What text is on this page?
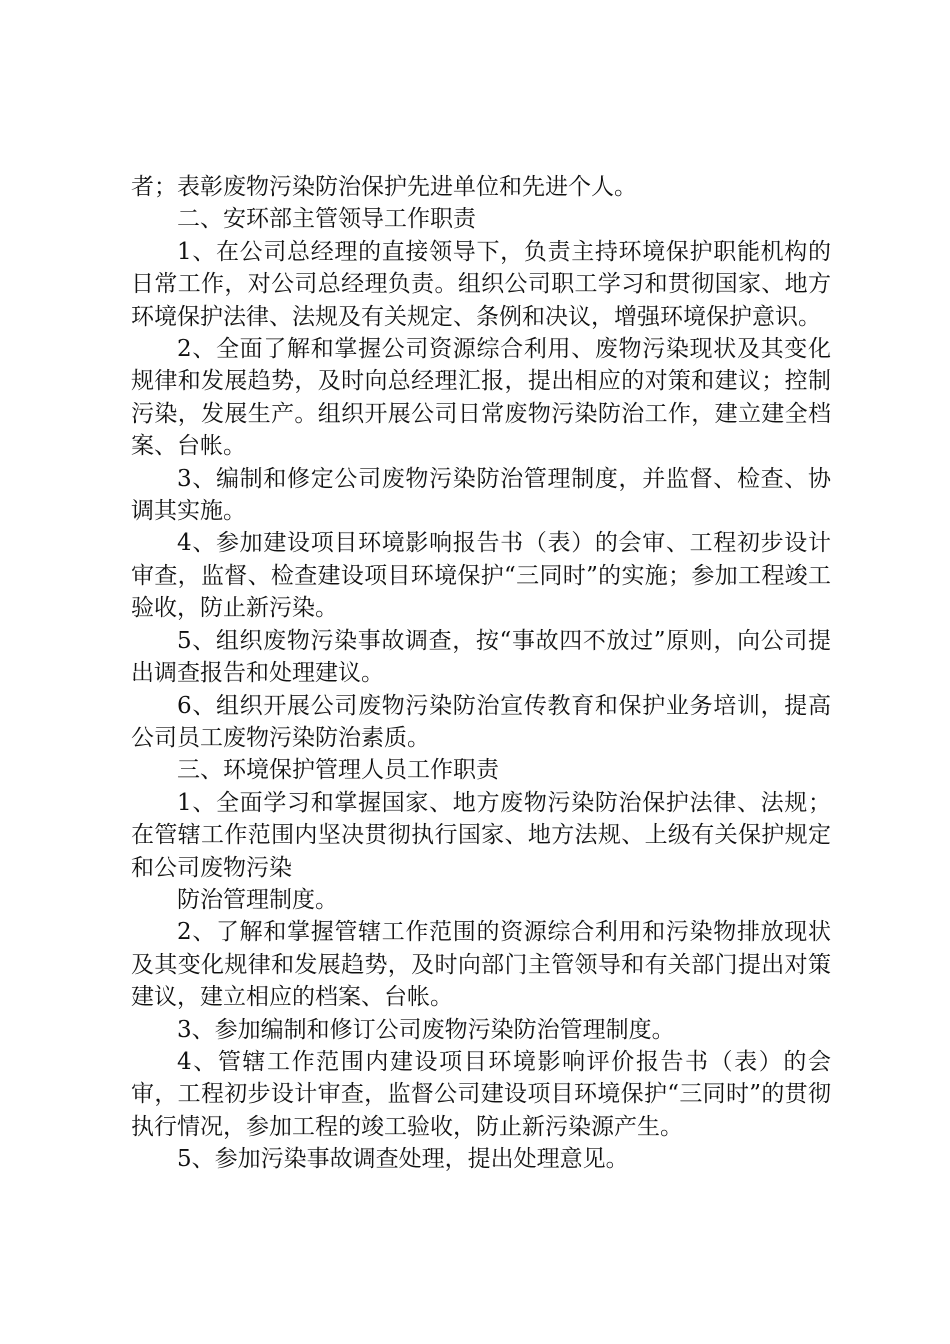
者；表彰废物污染防治保护先进单位和先进个人。

二、安环部主管领导工作职责

1、在公司总经理的直接领导下，负责主持环境保护职能机构的日常工作，对公司总经理负责。组织公司职工学习和贯彻国家、地方环境保护法律、法规及有关规定、条例和决议，增强环境保护意识。

2、全面了解和掌握公司资源综合利用、废物污染现状及其变化规律和发展趋势，及时向总经理汇报，提出相应的对策和建议；控制污染，发展生产。组织开展公司日常废物污染防治工作，建立建全档案、台帐。

3、编制和修定公司废物污染防治管理制度，并监督、检查、协调其实施。

4、参加建设项目环境影响报告书（表）的会审、工程初步设计审查，监督、检查建设项目环境保护“三同时”的实施；参加工程竣工验收，防止新污染。

5、组织废物污染事故调查，按“事故四不放过”原则，向公司提出调查报告和处理建议。

6、组织开展公司废物污染防治宣传教育和保护业务培训，提高公司员工废物污染防治素质。

三、环境保护管理人员工作职责

1、全面学习和掌握国家、地方废物污染防治保护法律、法规；在管辖工作范围内坚决贯彻执行国家、地方法规、上级有关保护规定和公司废物污染

防治管理制度。

2、了解和掌握管辖工作范围的资源综合利用和污染物排放现状及其变化规律和发展趋势，及时向部门主管领导和有关部门提出对策建议，建立相应的档案、台帐。

3、参加编制和修订公司废物污染防治管理制度。

4、管辖工作范围内建设项目环境影响评价报告书（表）的会审，工程初步设计审查，监督公司建设项目环境保护“三同时”的贯彻执行情况，参加工程的竣工验收，防止新污染源产生。

5、参加污染事故调查处理，提出处理意见。
